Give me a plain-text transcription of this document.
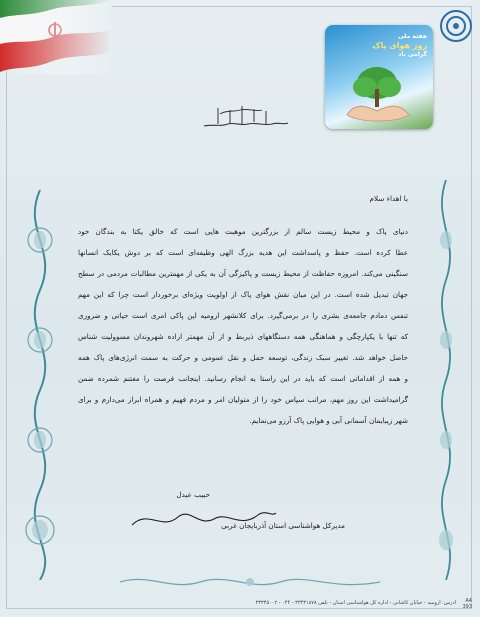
هفته ملی
روز هوای پاک
گرامی باد
با اهداء سلام
دنیای پاک و محیط زیست سالم از بزرگترین موهبت هایی است که خالق یکتا به بندگان خود
عطا کرده است. حفظ و پاسداشت این هدیه بزرگ الهی وظیفه‌ای است که بر دوش یکایک انسانها
سنگینی می‌کند. امروزه حفاظت از محیط زیست و پاکیزگی آن به یکی از مهمترین مطالبات مردمی در سطح
جهان تبدیل شده است. در این میان نقش هوای پاک از اولویت ویژه‌ای برخوردار است چرا که این مهم
تنفس دمادم جامعه‌ی بشری را در برمی‌گیرد. برای کلانشهر ارومیه این پاکی امری است حیاتی و ضروری
که تنها با یکپارچگی و هماهنگی همه دستگاههای ذیربط و از آن مهمتر اراده شهروندان مسوولیت شناس
حاصل خواهد شد. تغییر سبک زندگی، توسعه حمل و نقل عمومی و حرکت به سمت انرژی‌های پاک همه
و همه از اقداماتی است که باید در این راستا به انجام رسانید. اینجانب فرصت را مغتنم شمرده ضمن
گرامیداشت این روز مهم، مراتب سپاس خود را از متولیان امر و مردم فهیم و همراه ابراز می‌دارم و برای
شهر زیبایمان آسمانی آبی و هوایی پاک آرزو می‌نمایم.
حبیب عیدل
مدیرکل هواشناسی استان آذربایجان غربی
آدرس: ارومیه - خیابان کاشانی - اداره کل هواشناسی استان - تلفن ۳۳۴۳۱۸۷۸ - ۰۴۴ - ۳۳۳۴۵۰۰۲	A4
393
